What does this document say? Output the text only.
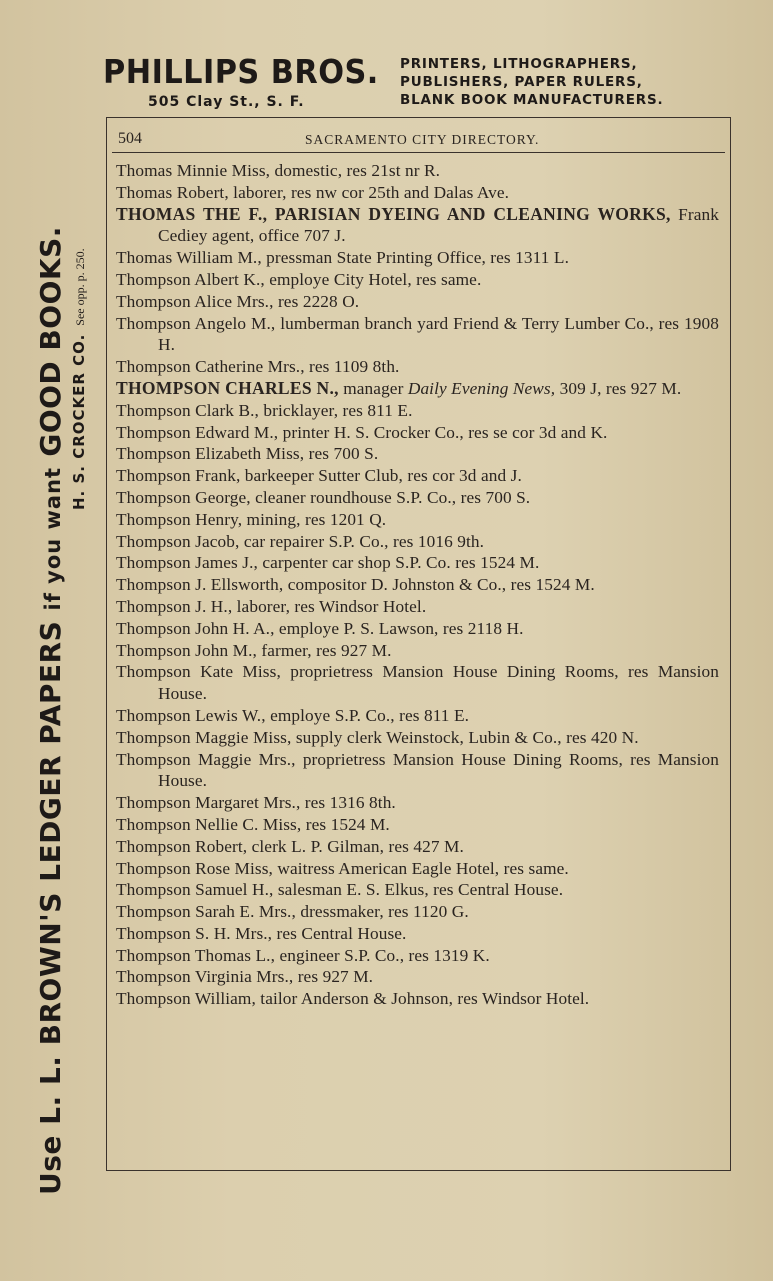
Use L. L. BROWN'S LEDGER PAPERS if you want GOOD BOOKS. H. S. CROCKER CO.See opp. p. 250.
PHILLIPS BROS.
505 Clay St., S. F.
PRINTERS, LITHOGRAPHERS,
PUBLISHERS, PAPER RULERS,
BLANK BOOK MANUFACTURERS.
504	SACRAMENTO CITY DIRECTORY.
Thomas Minnie Miss, domestic, res 21st nr R.
Thomas Robert, laborer, res nw cor 25th and Dalas Ave.
THOMAS THE F., PARISIAN DYEING AND CLEANING WORKS, Frank Cediey agent, office 707 J.
Thomas William M., pressman State Printing Office, res 1311 L.
Thompson Albert K., employe City Hotel, res same.
Thompson Alice Mrs., res 2228 O.
Thompson Angelo M., lumberman branch yard Friend & Terry Lumber Co., res 1908 H.
Thompson Catherine Mrs., res 1109 8th.
THOMPSON CHARLES N., manager Daily Evening News, 309 J, res 927 M.
Thompson Clark B., bricklayer, res 811 E.
Thompson Edward M., printer H. S. Crocker Co., res se cor 3d and K.
Thompson Elizabeth Miss, res 700 S.
Thompson Frank, barkeeper Sutter Club, res cor 3d and J.
Thompson George, cleaner roundhouse S.P. Co., res 700 S.
Thompson Henry, mining, res 1201 Q.
Thompson Jacob, car repairer S.P. Co., res 1016 9th.
Thompson James J., carpenter car shop S.P. Co. res 1524 M.
Thompson J. Ellsworth, compositor D. Johnston & Co., res 1524 M.
Thompson J. H., laborer, res Windsor Hotel.
Thompson John H. A., employe P. S. Lawson, res 2118 H.
Thompson John M., farmer, res 927 M.
Thompson Kate Miss, proprietress Mansion House Dining Rooms, res Mansion House.
Thompson Lewis W., employe S.P. Co., res 811 E.
Thompson Maggie Miss, supply clerk Weinstock, Lubin & Co., res 420 N.
Thompson Maggie Mrs., proprietress Mansion House Dining Rooms, res Mansion House.
Thompson Margaret Mrs., res 1316 8th.
Thompson Nellie C. Miss, res 1524 M.
Thompson Robert, clerk L. P. Gilman, res 427 M.
Thompson Rose Miss, waitress American Eagle Hotel, res same.
Thompson Samuel H., salesman E. S. Elkus, res Central House.
Thompson Sarah E. Mrs., dressmaker, res 1120 G.
Thompson S. H. Mrs., res Central House.
Thompson Thomas L., engineer S.P. Co., res 1319 K.
Thompson Virginia Mrs., res 927 M.
Thompson William, tailor Anderson & Johnson, res Windsor Hotel.
